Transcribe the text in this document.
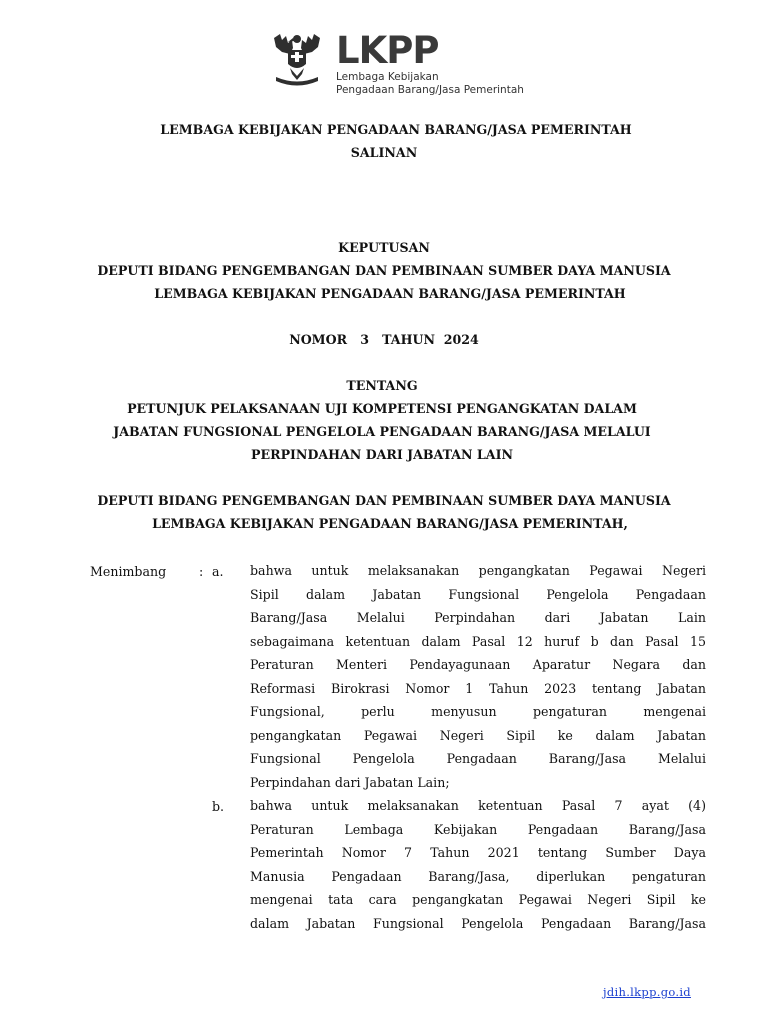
LKPP
Lembaga Kebijakan
Pengadaan Barang/Jasa Pemerintah
LEMBAGA KEBIJAKAN PENGADAAN BARANG/JASA PEMERINTAH
SALINAN
KEPUTUSAN
DEPUTI BIDANG PENGEMBANGAN DAN PEMBINAAN SUMBER DAYA MANUSIA
LEMBAGA KEBIJAKAN PENGADAAN BARANG/JASA PEMERINTAH
NOMOR   3   TAHUN  2024
TENTANG
PETUNJUK PELAKSANAAN UJI KOMPETENSI PENGANGKATAN DALAM
JABATAN FUNGSIONAL PENGELOLA PENGADAAN BARANG/JASA MELALUI
PERPINDAHAN DARI JABATAN LAIN
DEPUTI BIDANG PENGEMBANGAN DAN PEMBINAAN SUMBER DAYA MANUSIA
LEMBAGA KEBIJAKAN PENGADAAN BARANG/JASA PEMERINTAH,
Menimbang	: a. bahwa untuk melaksanakan pengangkatan Pegawai Negeri
Sipil dalam Jabatan Fungsional Pengelola Pengadaan
Barang/Jasa Melalui Perpindahan dari Jabatan Lain
sebagaimana ketentuan dalam Pasal 12 huruf b dan Pasal 15
Peraturan Menteri Pendayagunaan Aparatur Negara dan
Reformasi Birokrasi Nomor 1 Tahun 2023 tentang Jabatan
Fungsional, perlu menyusun pengaturan mengenai
pengangkatan Pegawai Negeri Sipil ke dalam Jabatan
Fungsional Pengelola Pengadaan Barang/Jasa Melalui
Perpindahan dari Jabatan Lain;
b. bahwa untuk melaksanakan ketentuan Pasal 7 ayat (4)
Peraturan Lembaga Kebijakan Pengadaan Barang/Jasa
Pemerintah Nomor 7 Tahun 2021 tentang Sumber Daya
Manusia Pengadaan Barang/Jasa, diperlukan pengaturan
mengenai tata cara pengangkatan Pegawai Negeri Sipil ke
dalam Jabatan Fungsional Pengelola Pengadaan Barang/Jasa
jdih.lkpp.go.id
